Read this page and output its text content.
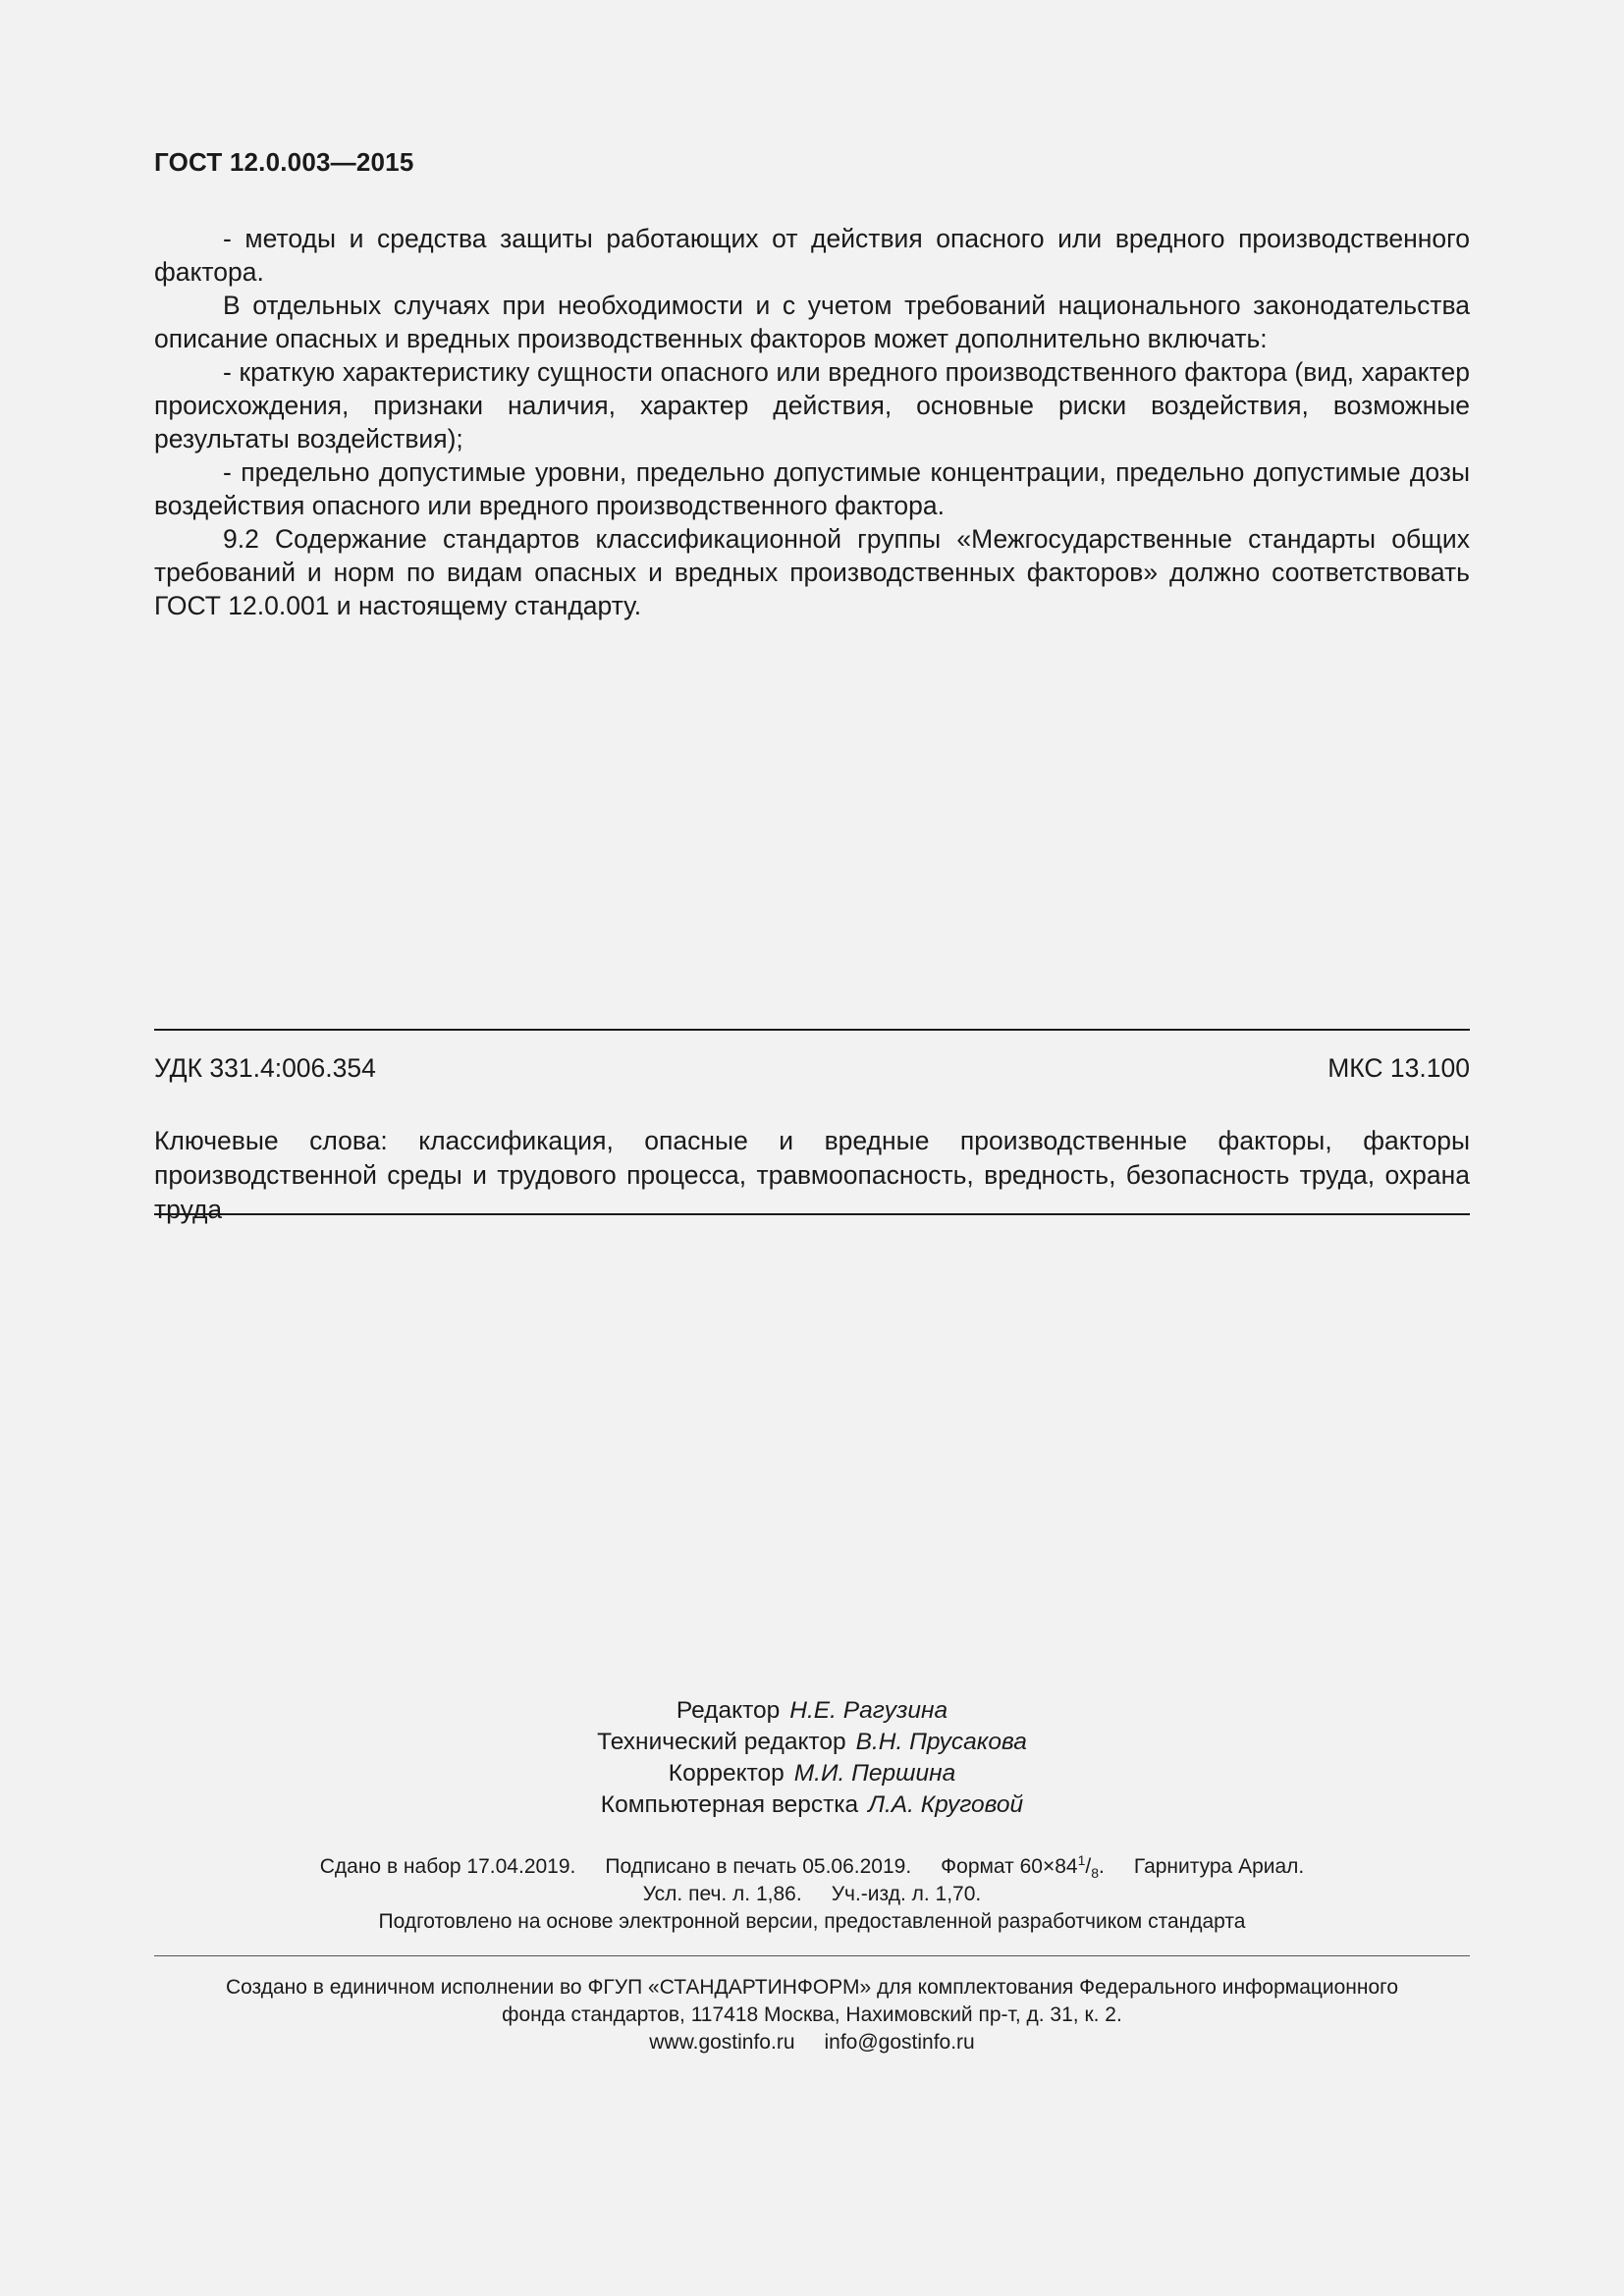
ГОСТ 12.0.003—2015

- методы и средства защиты работающих от действия опасного или вредного производственного фактора.

В отдельных случаях при необходимости и с учетом требований национального законодательства описание опасных и вредных производственных факторов может дополнительно включать:

- краткую характеристику сущности опасного или вредного производственного фактора (вид, характер происхождения, признаки наличия, характер действия, основные риски воздействия, возможные результаты воздействия);

- предельно допустимые уровни, предельно допустимые концентрации, предельно допустимые дозы воздействия опасного или вредного производственного фактора.

9.2 Содержание стандартов классификационной группы «Межгосударственные стандарты общих требований и норм по видам опасных и вредных производственных факторов» должно соответствовать ГОСТ 12.0.001 и настоящему стандарту.

УДК 331.4:006.354	МКС 13.100
Ключевые слова: классификация, опасные и вредные производственные факторы, факторы производственной среды и трудового процесса, травмоопасность, вредность, безопасность труда, охрана труда
Редактор Н.Е. Рагузина
Технический редактор В.Н. Прусакова
Корректор М.И. Першина
Компьютерная верстка Л.А. Круговой
Сдано в набор 17.04.2019. Подписано в печать 05.06.2019. Формат $60\times 84^1/_8$. Гарнитура Ариал.
Усл. печ. л. 1,86. Уч.-изд. л. 1,70.
Подготовлено на основе электронной версии, предоставленной разработчиком стандарта
Создано в единичном исполнении во ФГУП «СТАНДАРТИНФОРМ» для комплектования Федерального информационного
фонда стандартов, 117418 Москва, Нахимовский пр-т, д. 31, к. 2.
www.gostinfo.ru info@gostinfo.ru
